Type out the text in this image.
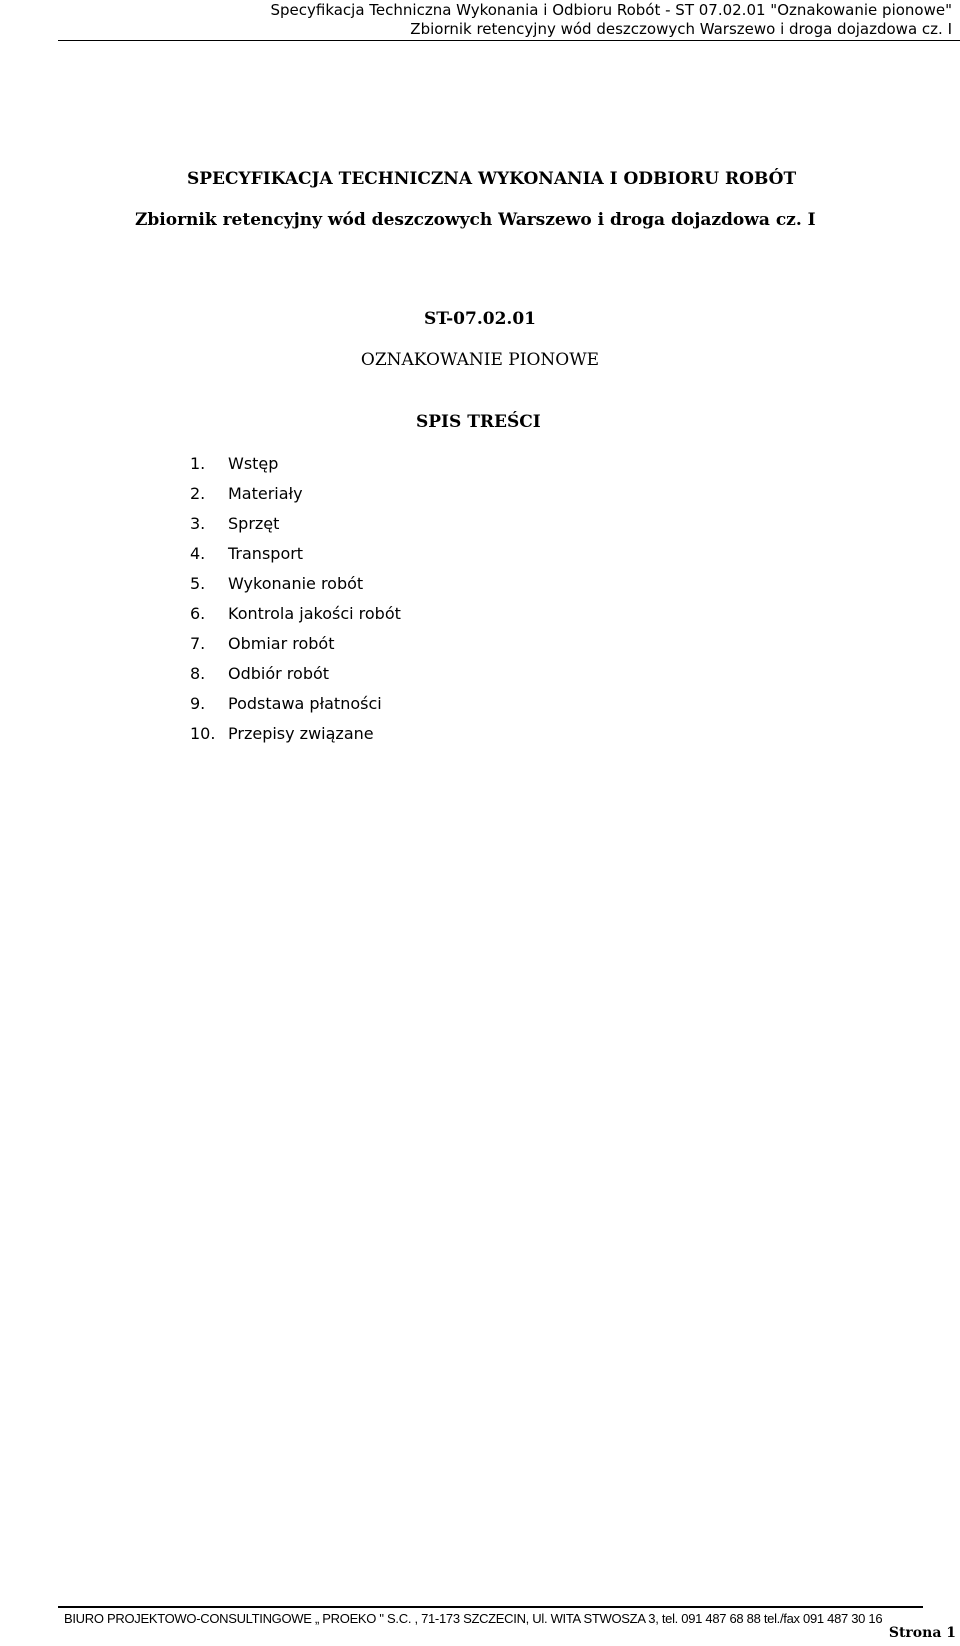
Specyfikacja Techniczna Wykonania i Odbioru Robót - ST 07.02.01 "Oznakowanie pionowe"
Zbiornik retencyjny wód deszczowych Warszewo i droga dojazdowa cz. I
SPECYFIKACJA TECHNICZNA WYKONANIA I ODBIORU ROBÓT
Zbiornik retencyjny wód deszczowych Warszewo i droga dojazdowa cz. I
ST-07.02.01
OZNAKOWANIE PIONOWE
SPIS TREŚCI
1. Wstęp
2. Materiały
3. Sprzęt
4. Transport
5. Wykonanie robót
6. Kontrola jakości robót
7. Obmiar robót
8. Odbiór robót
9. Podstawa płatności
10. Przepisy związane
BIURO PROJEKTOWO-CONSULTINGOWE „ PROEKO " S.C. , 71-173 SZCZECIN, Ul. WITA STWOSZA 3, tel. 091 487 68 88 tel./fax 091 487 30 16
Strona 1
